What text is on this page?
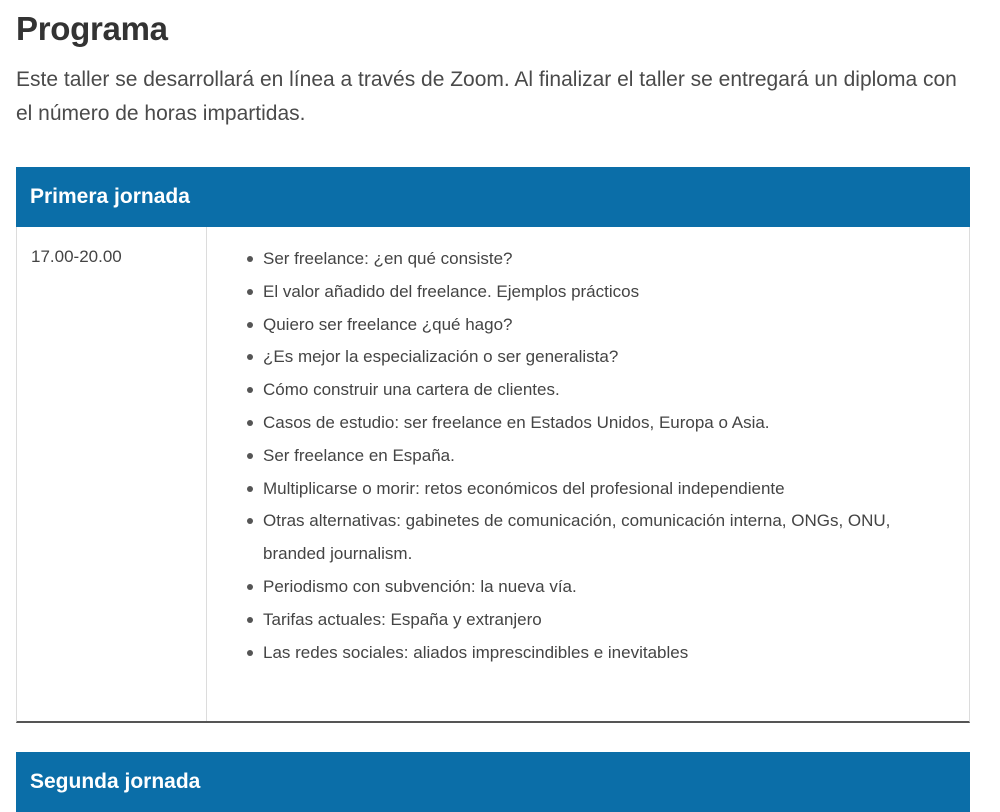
Programa

Este taller se desarrollará en línea a través de Zoom. Al finalizar el taller se entregará un diploma con el número de horas impartidas.

Primera jornada
17.00-20.00	Ser freelance: ¿en qué consiste?
El valor añadido del freelance. Ejemplos prácticos
Quiero ser freelance ¿qué hago?
¿Es mejor la especialización o ser generalista?
Cómo construir una cartera de clientes.
Casos de estudio: ser freelance en Estados Unidos, Europa o Asia.
Ser freelance en España.
Multiplicarse o morir: retos económicos del profesional independiente
Otras alternativas: gabinetes de comunicación, comunicación interna, ONGs, ONU, branded journalism.
Periodismo con subvención: la nueva vía.
Tarifas actuales: España y extranjero
Las redes sociales: aliados imprescindibles e inevitables
Segunda jornada
